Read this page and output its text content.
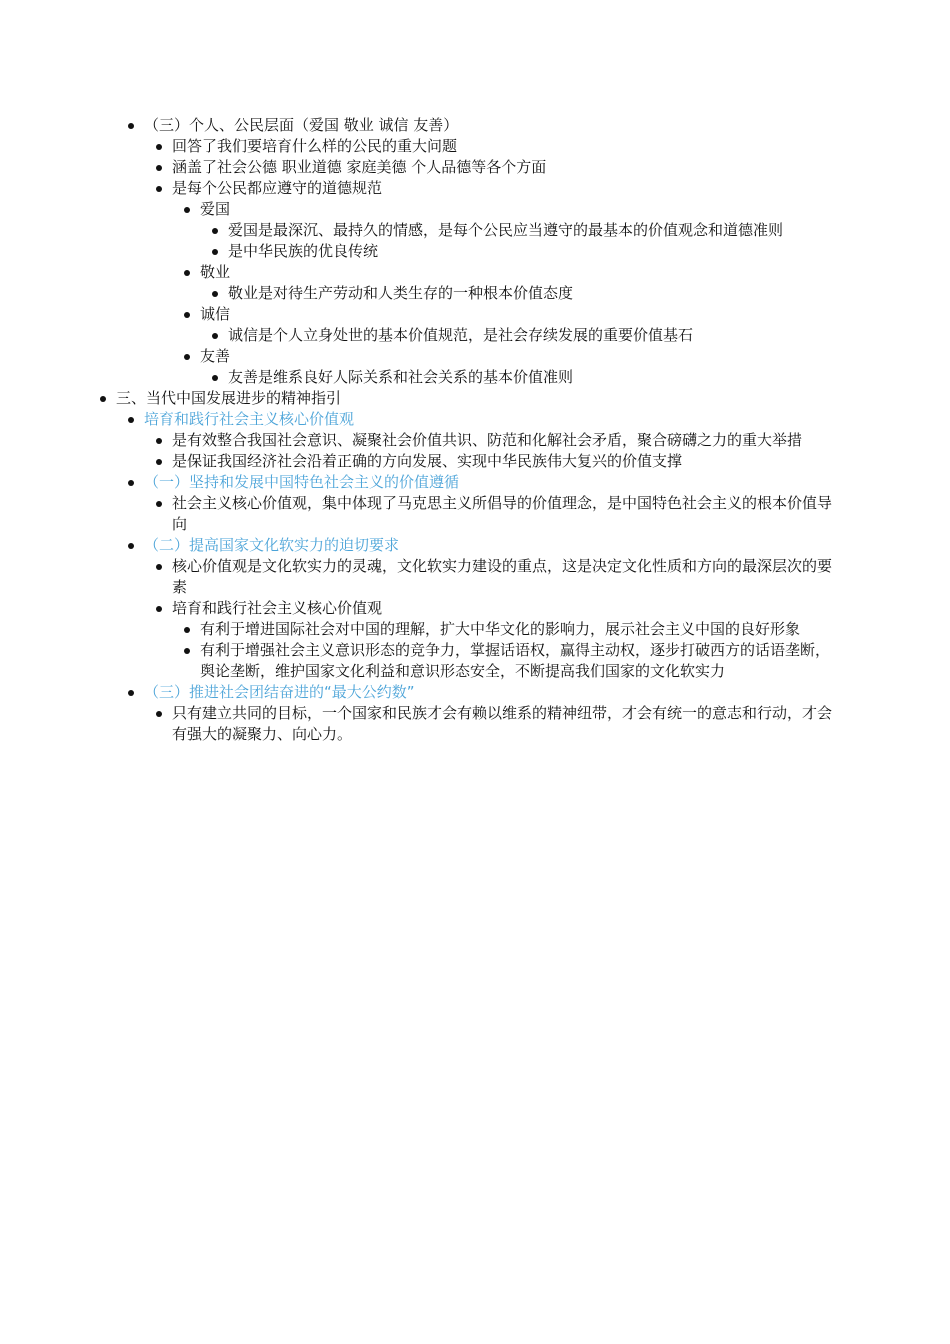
（三）个人、公民层面（爱国 敬业 诚信 友善）
回答了我们要培育什么样的公民的重大问题
涵盖了社会公德 职业道德 家庭美德 个人品德等各个方面
是每个公民都应遵守的道德规范
爱国
爱国是最深沉、最持久的情感，是每个公民应当遵守的最基本的价值观念和道德准则
是中华民族的优良传统
敬业
敬业是对待生产劳动和人类生存的一种根本价值态度
诚信
诚信是个人立身处世的基本价值规范，是社会存续发展的重要价值基石
友善
友善是维系良好人际关系和社会关系的基本价值准则
三、当代中国发展进步的精神指引
培育和践行社会主义核心价值观
是有效整合我国社会意识、凝聚社会价值共识、防范和化解社会矛盾，聚合磅礴之力的重大举措
是保证我国经济社会沿着正确的方向发展、实现中华民族伟大复兴的价值支撑
（一）坚持和发展中国特色社会主义的价值遵循
社会主义核心价值观，集中体现了马克思主义所倡导的价值理念，是中国特色社会主义的根本价值导向
（二）提高国家文化软实力的迫切要求
核心价值观是文化软实力的灵魂，文化软实力建设的重点，这是决定文化性质和方向的最深层次的要素
培育和践行社会主义核心价值观
有利于增进国际社会对中国的理解，扩大中华文化的影响力，展示社会主义中国的良好形象
有利于增强社会主义意识形态的竞争力，掌握话语权，赢得主动权，逐步打破西方的话语垄断，舆论垄断，维护国家文化利益和意识形态安全，不断提高我们国家的文化软实力
（三）推进社会团结奋进的“最大公约数”
只有建立共同的目标，一个国家和民族才会有赖以维系的精神纽带，才会有统一的意志和行动，才会有强大的凝聚力、向心力。
